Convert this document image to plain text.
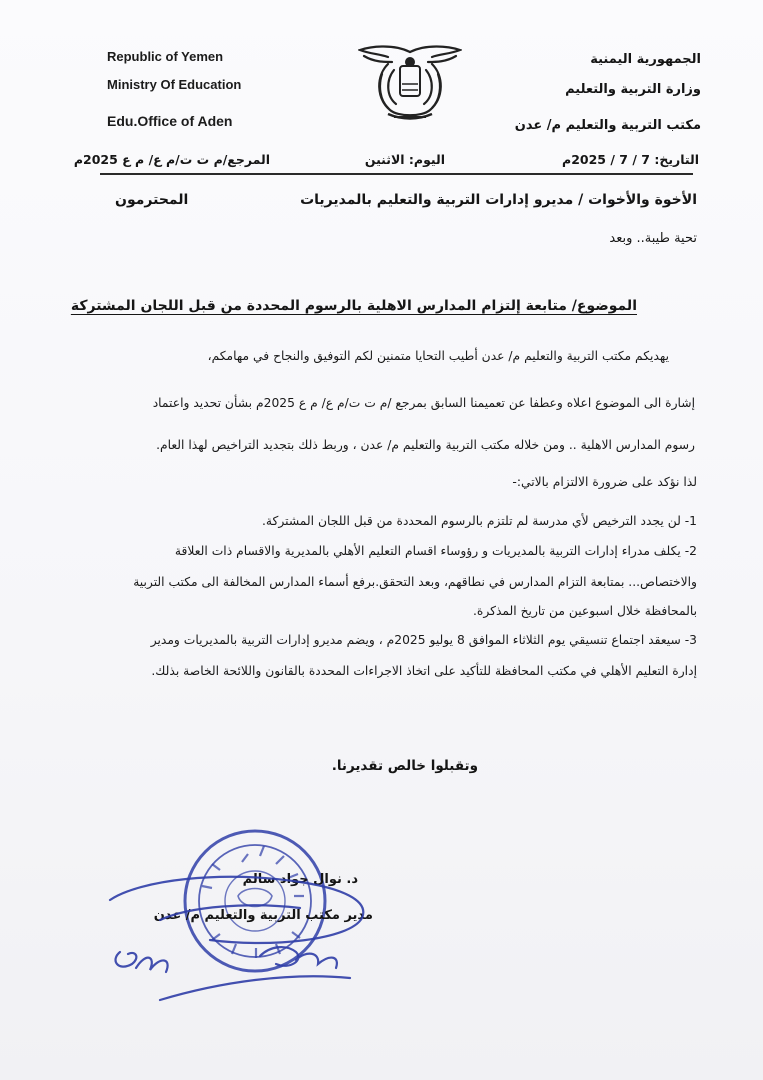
Republic of Yemen
Ministry Of Education
Edu.Office of Aden
الجمهورية اليمنية
وزارة التربية والتعليم
مكتب التربية والتعليم م/ عدن
التاريخ: 7 / 7 / 2025م
اليوم: الاثنين
المرجع/م ت ت/م ع/ م ع 2025م
الأخوة والأخوات / مديرو إدارات التربية والتعليم بالمديريات
المحترمون
تحية طيبة.. وبعد
الموضوع/ متابعة إلتزام المدارس الاهلية بالرسوم المحددة من قبل اللجان المشتركة
يهديكم مكتب التربية والتعليم م/ عدن أطيب التحايا متمنين لكم التوفيق والنجاح في مهامكم،
إشارة الى الموضوع اعلاه وعطفا عن تعميمنا السابق بمرجع /م ت ت/م ع/ م ع 2025م بشأن تحديد واعتماد
رسوم المدارس الاهلية .. ومن خلاله مكتب التربية والتعليم م/ عدن ، وربط ذلك بتجديد التراخيص لهذا العام.
لذا نؤكد على ضرورة الالتزام بالاتي:-
1- لن يجدد الترخيص لأي مدرسة لم تلتزم بالرسوم المحددة من قبل اللجان المشتركة.
2- يكلف مدراء إدارات التربية بالمديريات و رؤوساء اقسام التعليم الأهلي بالمديرية والاقسام ذات العلاقة
والاختصاص... بمتابعة التزام المدارس في نطاقهم، وبعد التحقق.برفع أسماء المدارس المخالفة الى مكتب التربية
بالمحافظة خلال اسبوعين من تاريخ المذكرة.
3- سيعقد اجتماع تنسيقي يوم الثلاثاء الموافق 8 يوليو 2025م ، ويضم مديرو إدارات التربية بالمديريات ومدير
إدارة التعليم الأهلي في مكتب المحافظة للتأكيد على اتخاذ الاجراءات المحددة بالقانون واللائحة الخاصة بذلك.
وتقبلوا خالص تقديرنا.
د. نوال جواد سالم
مدير مكتب التربية والتعليم م/ عدن
